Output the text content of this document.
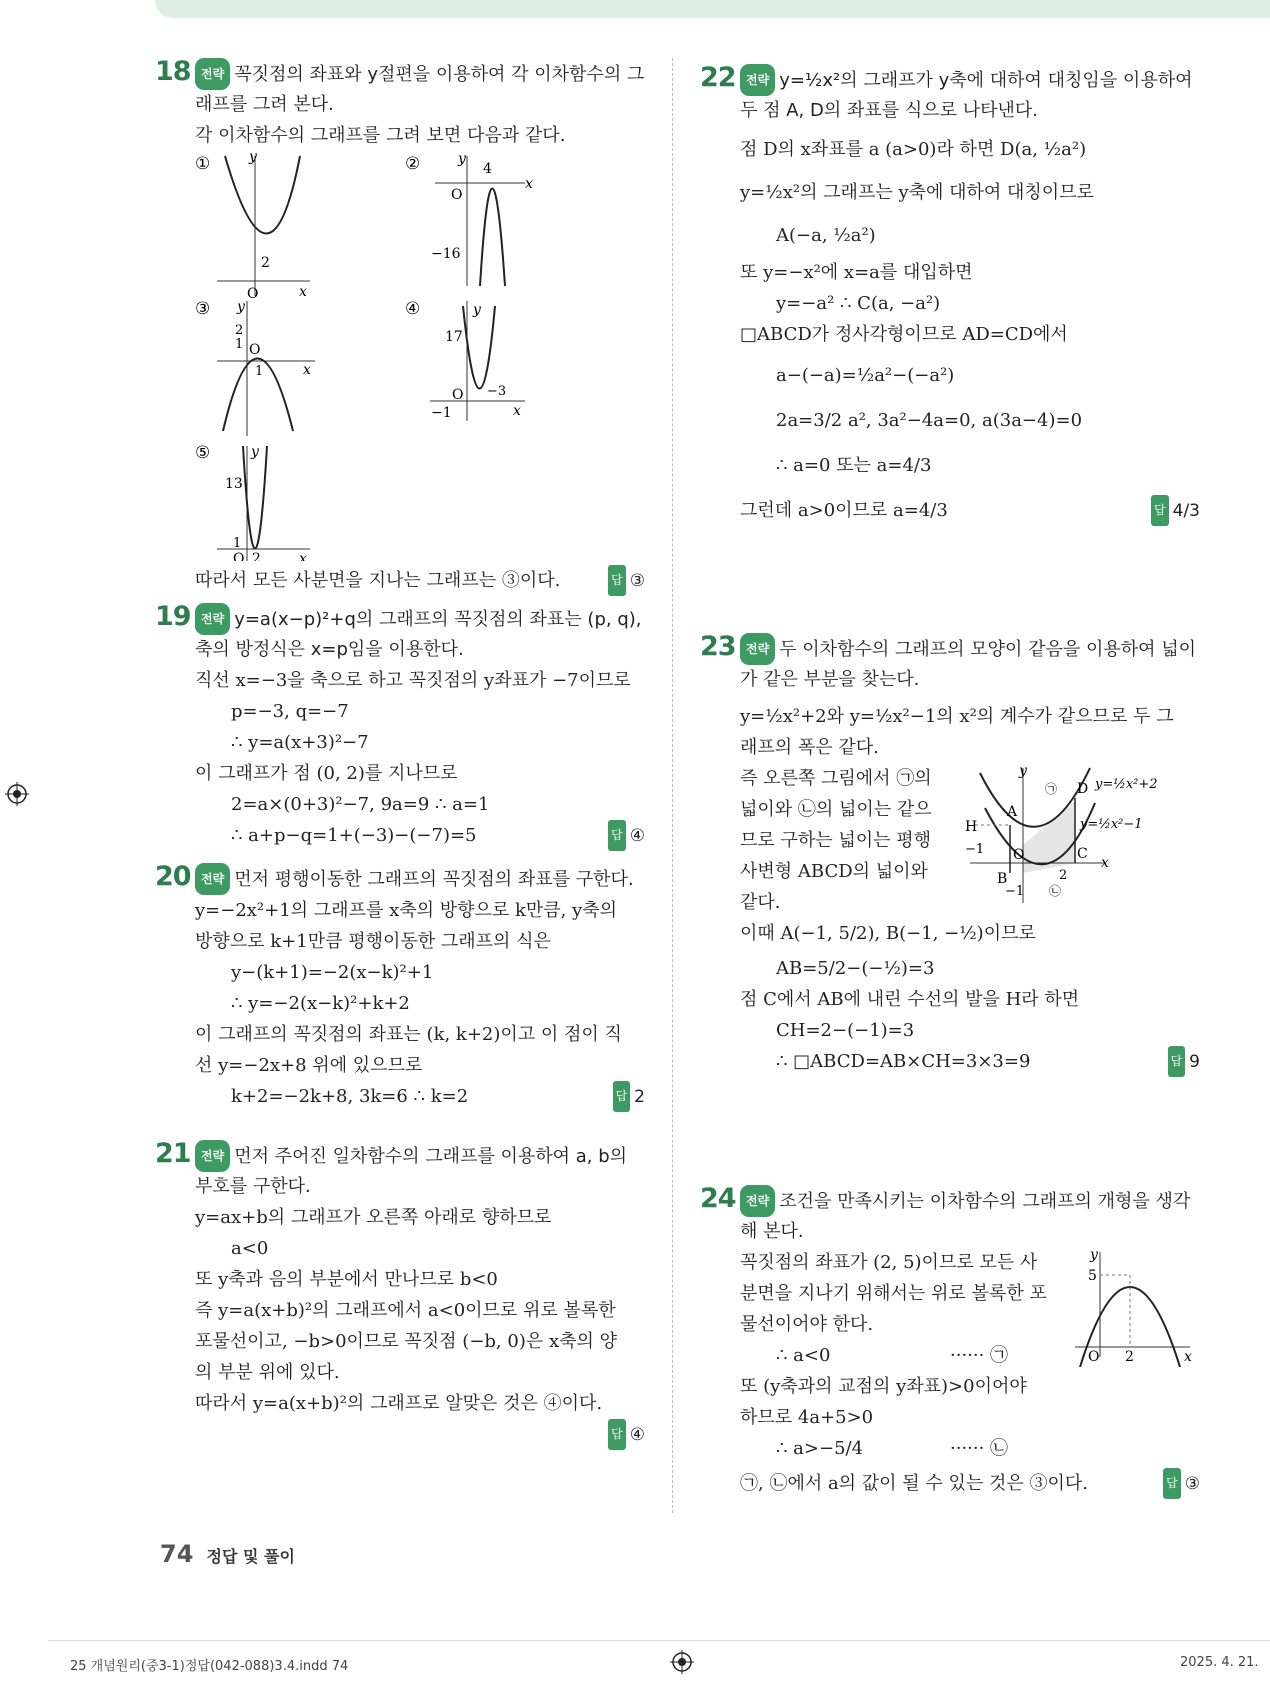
18 전략 꼭짓점의 좌표와 y절편을 이용하여 각 이차함수의 그래프를 그려 본다.
각 이차함수의 그래프를 그려 보면 다음과 같다.
①	y
O	x
2
②	y
4
O
x
−16
③ y
2
1 O
1	x
④	y
17
O
−1
−3
x
⑤	y
13
1
O 2	x
따라서 모든 사분면을 지나는 그래프는 ③이다.	답 ③
19 전략 y=a(x−p)²+q의 그래프의 꼭짓점의 좌표는 (p, q), 축의 방정식은 x=p임을 이용한다.
직선 x=−3을 축으로 하고 꼭짓점의 y좌표가 −7이므로
p=−3, q=−7
∴ y=a(x+3)²−7
이 그래프가 점 (0, 2)를 지나므로
2=a×(0+3)²−7, 9a=9 ∴ a=1
∴ a+p−q=1+(−3)−(−7)=5	답 ④
20 전략 먼저 평행이동한 그래프의 꼭짓점의 좌표를 구한다.
y=−2x²+1의 그래프를 x축의 방향으로 k만큼, y축의
방향으로 k+1만큼 평행이동한 그래프의 식은
y−(k+1)=−2(x−k)²+1
∴ y=−2(x−k)²+k+2
이 그래프의 꼭짓점의 좌표는 (k, k+2)이고 이 점이 직
선 y=−2x+8 위에 있으므로
k+2=−2k+8, 3k=6 ∴ k=2	답 2
21 전략 먼저 주어진 일차함수의 그래프를 이용하여 a, b의 부호를 구한다.
y=ax+b의 그래프가 오른쪽 아래로 향하므로
a<0
또 y축과 음의 부분에서 만나므로 b<0
즉 y=a(x+b)²의 그래프에서 a<0이므로 위로 볼록한
포물선이고, −b>0이므로 꼭짓점 (−b, 0)은 x축의 양
의 부분 위에 있다.
따라서 y=a(x+b)²의 그래프로 알맞은 것은 ④이다.
답 ④
22 전략 y=½x²의 그래프가 y축에 대하여 대칭임을 이용하여 두 점 A, D의 좌표를 식으로 나타낸다.
점 D의 x좌표를 a (a>0)라 하면 D(a, ½a²)
y=½x²의 그래프는 y축에 대하여 대칭이므로
A(−a, ½a²)
또 y=−x²에 x=a를 대입하면
y=−a² ∴ C(a, −a²)
□ABCD가 정사각형이므로 AD=CD에서
a−(−a)=½a²−(−a²)
2a=3/2 a², 3a²−4a=0, a(3a−4)=0
∴ a=0 또는 a=4/3
그런데 a>0이므로 a=4/3	답 4/3
23 전략 두 이차함수의 그래프의 모양이 같음을 이용하여 넓이가 같은 부분을 찾는다.
y=½x²+2와 y=½x²−1의 x²의 계수가 같으므로 두 그
래프의 폭은 같다.
즉 오른쪽 그림에서 ㉠의
넓이와 ㉡의 넓이는 같으
므로 구하는 넓이는 평행
사변형 ABCD의 넓이와
같다.
y
x
O
A
B
C
D
H
−1
−1
2
㉠
㉡
y=½x²+2
y=½x²−1
이때 A(−1, 5/2), B(−1, −½)이므로
AB=5/2−(−½)=3
점 C에서 AB에 내린 수선의 발을 H라 하면
CH=2−(−1)=3
∴ □ABCD=AB×CH=3×3=9	답 9
24 전략 조건을 만족시키는 이차함수의 그래프의 개형을 생각해 본다.
꼭짓점의 좌표가 (2, 5)이므로 모든 사
분면을 지나기 위해서는 위로 볼록한 포
물선이어야 한다.
∴ a<0	······ ㉠
또 (y축과의 교점의 y좌표)>0이어야
하므로 4a+5>0
∴ a>−5/4	······ ㉡
y
5
O 2	x
㉠, ㉡에서 a의 값이 될 수 있는 것은 ③이다.	답 ③
74 정답 및 풀이
25 개념원리(중3-1)정답(042-088)3.4.indd 74	2025. 4. 21.
